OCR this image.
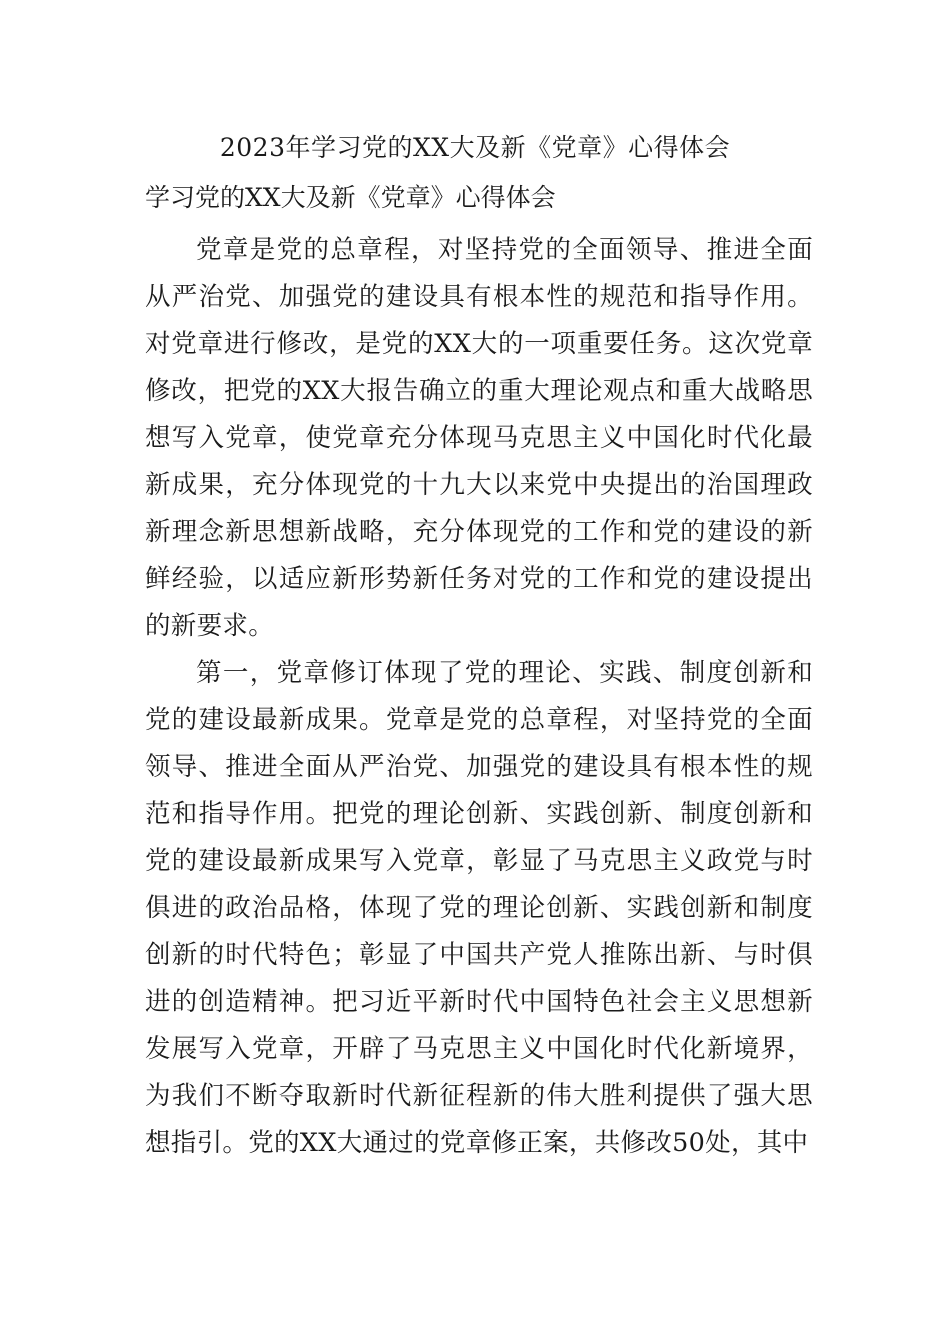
2023年学习党的XX大及新《党章》心得体会
学习党的XX大及新《党章》心得体会

党章是党的总章程，对坚持党的全面领导、推进全面从严治党、加强党的建设具有根本性的规范和指导作用。对党章进行修改，是党的XX大的一项重要任务。这次党章修改，把党的XX大报告确立的重大理论观点和重大战略思想写入党章，使党章充分体现马克思主义中国化时代化最新成果，充分体现党的十九大以来党中央提出的治国理政新理念新思想新战略，充分体现党的工作和党的建设的新鲜经验，以适应新形势新任务对党的工作和党的建设提出的新要求。

第一，党章修订体现了党的理论、实践、制度创新和党的建设最新成果。党章是党的总章程，对坚持党的全面领导、推进全面从严治党、加强党的建设具有根本性的规范和指导作用。把党的理论创新、实践创新、制度创新和党的建设最新成果写入党章，彰显了马克思主义政党与时俱进的政治品格，体现了党的理论创新、实践创新和制度创新的时代特色；彰显了中国共产党人推陈出新、与时俱进的创造精神。把习近平新时代中国特色社会主义思想新发展写入党章，开辟了马克思主义中国化时代化新境界，为我们不断夺取新时代新征程新的伟大胜利提供了强大思想指引。党的XX大通过的党章修正案，共修改50处，其中
